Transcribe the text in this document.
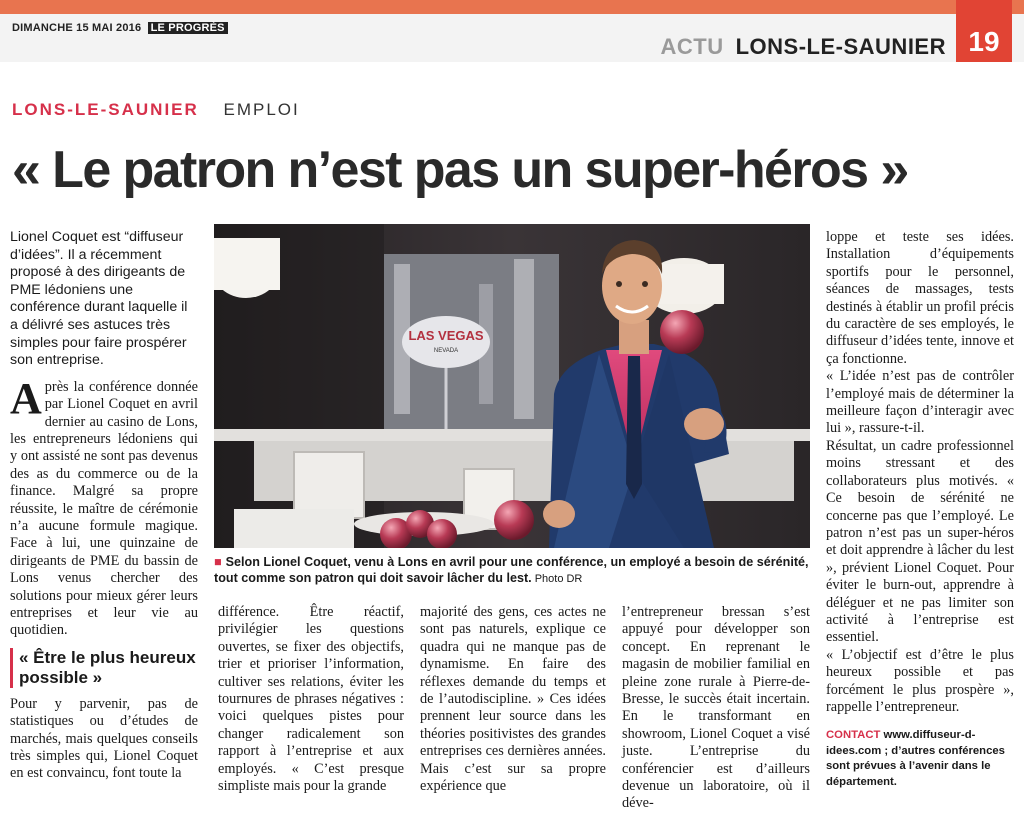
DIMANCHE 15 MAI 2016 LE PROGRÈS
ACTU LONS-LE-SAUNIER 19
LONS-LE-SAUNIER EMPLOI
« Le patron n’est pas un super-héros »

Lionel Coquet est “diffuseur d’idées”. Il a récemment proposé à des dirigeants de PME lédoniens une conférence durant laquelle il a délivré ses astuces très simples pour faire prospérer son entreprise.

Après la conférence donnée par Lionel Coquet en avril dernier au casino de Lons, les entrepreneurs lédoniens qui y ont assisté ne sont pas devenus des as du commerce ou de la finance. Malgré sa propre réussite, le maître de cérémonie n’a aucune formule magique. Face à lui, une quinzaine de dirigeants de PME du bassin de Lons venus chercher des solutions pour mieux gérer leurs entreprises et leur vie au quotidien.

« Être le plus heureux possible »

Pour y parvenir, pas de statistiques ou d’études de marchés, mais quelques conseils très simples qui, Lionel Coquet en est convaincu, font toute la

LAS VEGAS
NEVADA
■ Selon Lionel Coquet, venu à Lons en avril pour une conférence, un employé a besoin de sérénité, tout comme son patron qui doit savoir lâcher du lest. Photo DR

différence. Être réactif, privilégier les questions ouvertes, se fixer des objectifs, trier et prioriser l’information, cultiver ses relations, éviter les tournures de phrases négatives : voici quelques pistes pour changer radicalement son rapport à l’entreprise et aux employés. « C’est presque simpliste mais pour la grande

majorité des gens, ces actes ne sont pas naturels, explique ce quadra qui ne manque pas de dynamisme. En faire des réflexes demande du temps et de l’autodiscipline. » Ces idées prennent leur source dans les théories positivistes des grandes entreprises ces dernières années. Mais c’est sur sa propre expérience que

l’entrepreneur bressan s’est appuyé pour développer son concept. En reprenant le magasin de mobilier familial en pleine zone rurale à Pierre-de-Bresse, le succès était incertain. En le transformant en showroom, Lionel Coquet a visé juste. L’entreprise du conférencier est d’ailleurs devenue un laboratoire, où il déve-

loppe et teste ses idées. Installation d’équipements sportifs pour le personnel, séances de massages, tests destinés à établir un profil précis du caractère de ses employés, le diffuseur d’idées tente, innove et ça fonctionne.

« L’idée n’est pas de contrôler l’employé mais de déterminer la meilleure façon d’interagir avec lui », rassure-t-il.

Résultat, un cadre professionnel moins stressant et des collaborateurs plus motivés. « Ce besoin de sérénité ne concerne pas que l’employé. Le patron n’est pas un super-héros et doit apprendre à lâcher du lest », prévient Lionel Coquet. Pour éviter le burn-out, apprendre à déléguer et ne pas limiter son activité à l’entreprise est essentiel.

« L’objectif est d’être le plus heureux possible et pas forcément le plus prospère », rappelle l’entrepreneur.

CONTACT www.diffuseur-d-idees.com ; d’autres conférences sont prévues à l’avenir dans le département.
